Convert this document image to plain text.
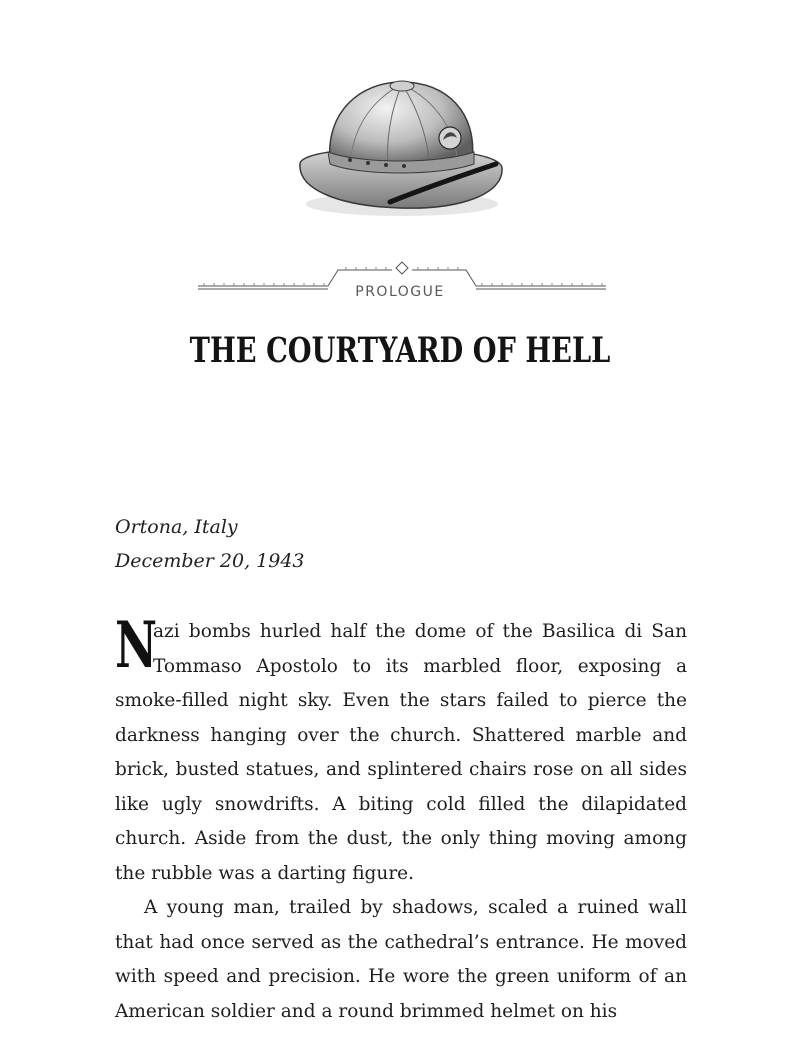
PROLOGUE
THE COURTYARD OF HELL
Ortona, Italy
December 20, 1943

N
azi bombs hurled half the dome of the Basilica di San Tommaso Apostolo to its marbled floor, exposing a smoke-filled night sky. Even the stars failed to pierce the darkness hanging over the church. Shattered marble and brick, busted statues, and splintered chairs rose on all sides like ugly snowdrifts. A biting cold filled the dilapidated church. Aside from the dust, the only thing moving among the rubble was a darting figure.

A young man, trailed by shadows, scaled a ruined wall that had once served as the cathedral’s entrance. He moved with speed and precision. He wore the green uniform of an American soldier and a round brimmed helmet on his
